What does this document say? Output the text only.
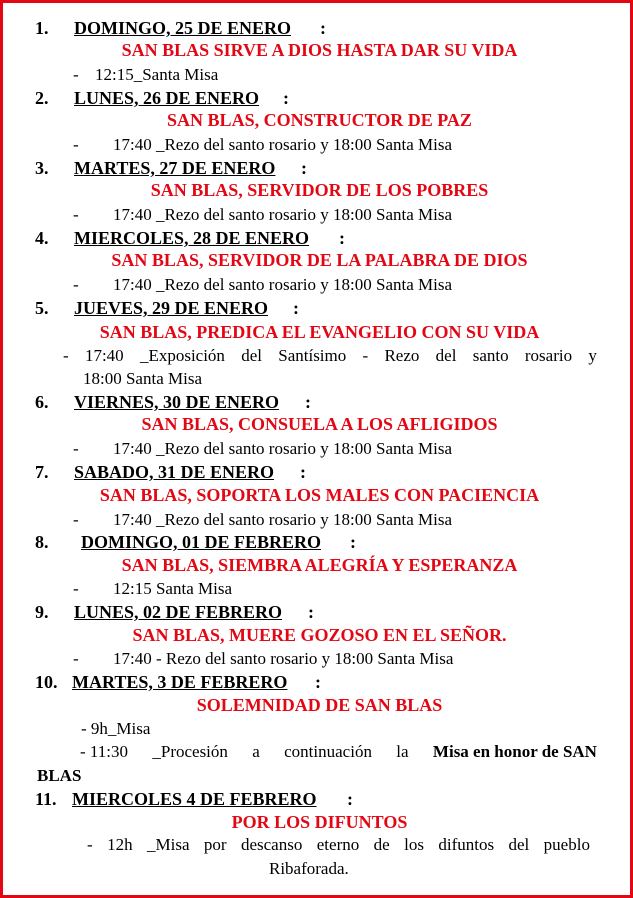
1. DOMINGO, 25 DE ENERO :
SAN BLAS SIRVE A DIOS HASTA DAR SU VIDA
- 12:15_Santa Misa
2. LUNES, 26 DE ENERO :
SAN BLAS, CONSTRUCTOR DE PAZ
- 17:40 _Rezo del santo rosario y 18:00 Santa Misa
3. MARTES, 27 DE ENERO :
SAN BLAS, SERVIDOR DE LOS POBRES
- 17:40 _Rezo del santo rosario y 18:00 Santa Misa
4. MIERCOLES, 28 DE ENERO :
SAN BLAS, SERVIDOR DE LA PALABRA DE DIOS
- 17:40 _Rezo del santo rosario y 18:00 Santa Misa
5. JUEVES, 29 DE ENERO :
SAN BLAS, PREDICA EL EVANGELIO CON SU VIDA
- 17:40 _Exposición del Santísimo - Rezo del santo rosario y
18:00 Santa Misa
6. VIERNES, 30 DE ENERO :
SAN BLAS, CONSUELA A LOS AFLIGIDOS
- 17:40 _Rezo del santo rosario y 18:00 Santa Misa
7. SABADO, 31 DE ENERO :
SAN BLAS, SOPORTA LOS MALES CON PACIENCIA
- 17:40 _Rezo del santo rosario y 18:00 Santa Misa
8. DOMINGO, 01 DE FEBRERO :
SAN BLAS, SIEMBRA ALEGRÍA Y ESPERANZA
- 12:15 Santa Misa
9. LUNES, 02 DE FEBRERO :
SAN BLAS, MUERE GOZOSO EN EL SEÑOR.
- 17:40 - Rezo del santo rosario y 18:00 Santa Misa
10. MARTES, 3 DE FEBRERO :
SOLEMNIDAD DE SAN BLAS
- 9h_Misa
- 11:30 _Procesión a continuación la Misa en honor de SAN
BLAS
11. MIERCOLES 4 DE FEBRERO :
POR LOS DIFUNTOS
- 12h _Misa por descanso eterno de los difuntos del pueblo
Ribaforada.
